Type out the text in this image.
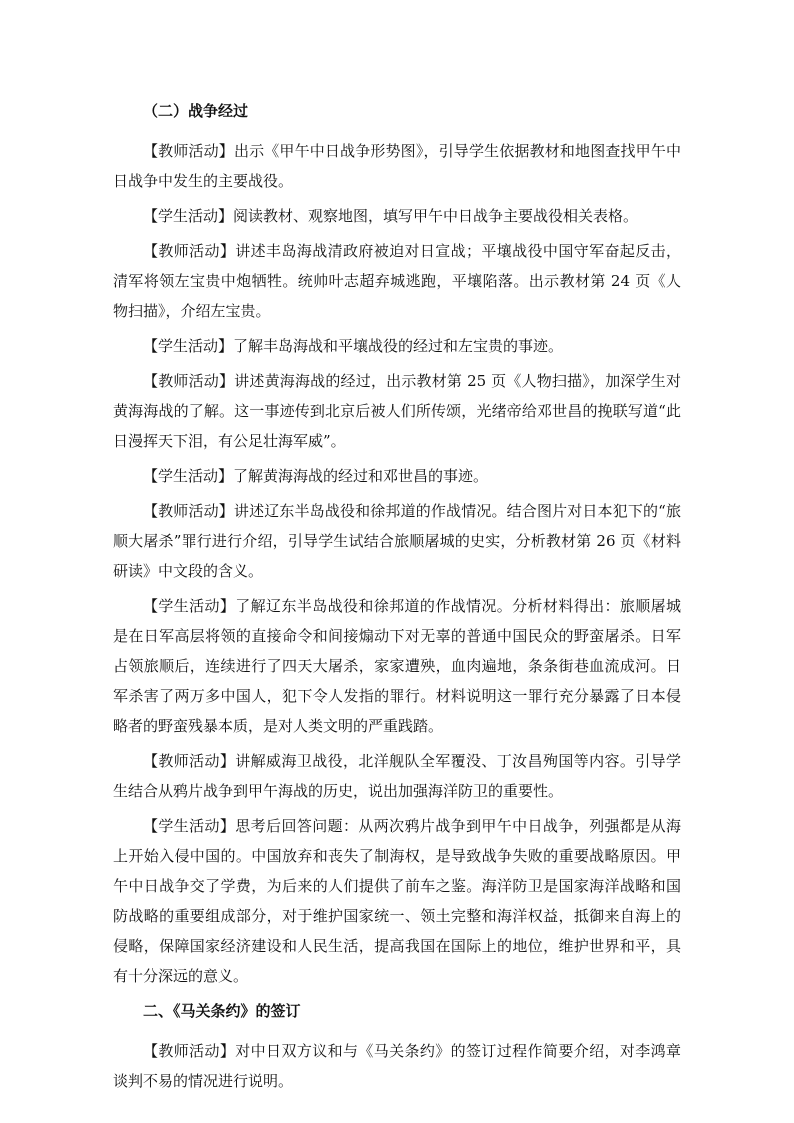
（二）战争经过

【教师活动】出示《甲午中日战争形势图》，引导学生依据教材和地图查找甲午中日战争中发生的主要战役。

【学生活动】阅读教材、观察地图，填写甲午中日战争主要战役相关表格。

【教师活动】讲述丰岛海战清政府被迫对日宣战；平壤战役中国守军奋起反击，清军将领左宝贵中炮牺牲。统帅叶志超弃城逃跑，平壤陷落。出示教材第 24 页《人物扫描》，介绍左宝贵。

【学生活动】了解丰岛海战和平壤战役的经过和左宝贵的事迹。

【教师活动】讲述黄海海战的经过，出示教材第 25 页《人物扫描》，加深学生对黄海海战的了解。这一事迹传到北京后被人们所传颂，光绪帝给邓世昌的挽联写道“此日漫挥天下泪，有公足壮海军威”。

【学生活动】了解黄海海战的经过和邓世昌的事迹。

【教师活动】讲述辽东半岛战役和徐邦道的作战情况。结合图片对日本犯下的“旅顺大屠杀”罪行进行介绍，引导学生试结合旅顺屠城的史实，分析教材第 26 页《材料研读》中文段的含义。

【学生活动】了解辽东半岛战役和徐邦道的作战情况。分析材料得出：旅顺屠城是在日军高层将领的直接命令和间接煽动下对无辜的普通中国民众的野蛮屠杀。日军占领旅顺后，连续进行了四天大屠杀，家家遭殃，血肉遍地，条条街巷血流成河。日军杀害了两万多中国人，犯下令人发指的罪行。材料说明这一罪行充分暴露了日本侵略者的野蛮残暴本质，是对人类文明的严重践踏。

【教师活动】讲解威海卫战役，北洋舰队全军覆没、丁汝昌殉国等内容。引导学生结合从鸦片战争到甲午海战的历史，说出加强海洋防卫的重要性。

【学生活动】思考后回答问题：从两次鸦片战争到甲午中日战争，列强都是从海上开始入侵中国的。中国放弃和丧失了制海权，是导致战争失败的重要战略原因。甲午中日战争交了学费，为后来的人们提供了前车之鉴。海洋防卫是国家海洋战略和国防战略的重要组成部分，对于维护国家统一、领土完整和海洋权益，抵御来自海上的侵略，保障国家经济建设和人民生活，提高我国在国际上的地位，维护世界和平，具有十分深远的意义。

二、《马关条约》的签订

【教师活动】对中日双方议和与《马关条约》的签订过程作简要介绍，对李鸿章谈判不易的情况进行说明。
